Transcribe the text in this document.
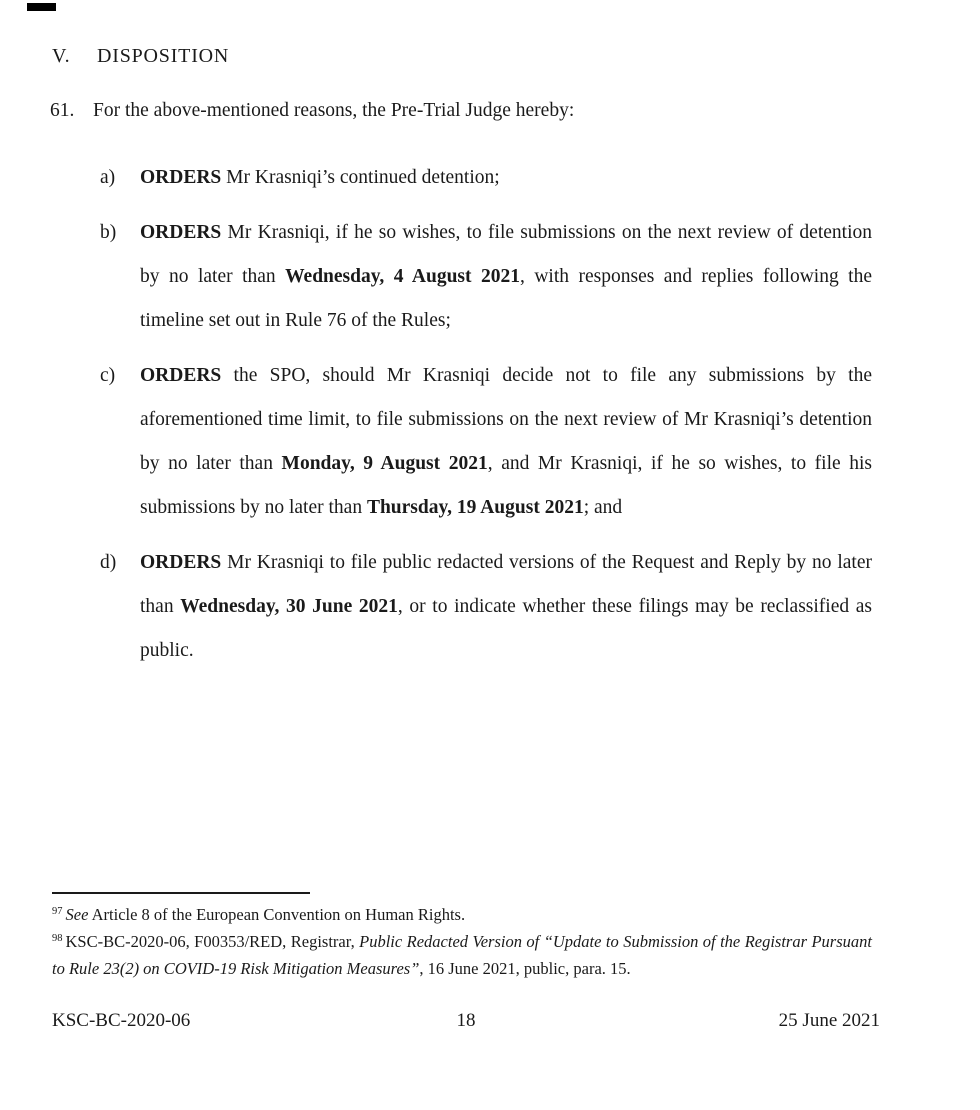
V. DISPOSITION
61. For the above-mentioned reasons, the Pre-Trial Judge hereby:
a)	ORDERS Mr Krasniqi’s continued detention;
b)	ORDERS Mr Krasniqi, if he so wishes, to file submissions on the next review of detention by no later than Wednesday, 4 August 2021, with responses and replies following the timeline set out in Rule 76 of the Rules;
c)	ORDERS the SPO, should Mr Krasniqi decide not to file any submissions by the aforementioned time limit, to file submissions on the next review of Mr Krasniqi’s detention by no later than Monday, 9 August 2021, and Mr Krasniqi, if he so wishes, to file his submissions by no later than Thursday, 19 August 2021; and
d)	ORDERS Mr Krasniqi to file public redacted versions of the Request and Reply by no later than Wednesday, 30 June 2021, or to indicate whether these filings may be reclassified as public.
$^{97}$ See Article 8 of the European Convention on Human Rights.
$^{98}$ KSC-BC-2020-06, F00353/RED, Registrar, Public Redacted Version of “Update to Submission of the Registrar Pursuant to Rule 23(2) on COVID-19 Risk Mitigation Measures”, 16 June 2021, public, para. 15.
KSC-BC-2020-06	18	25 June 2021
